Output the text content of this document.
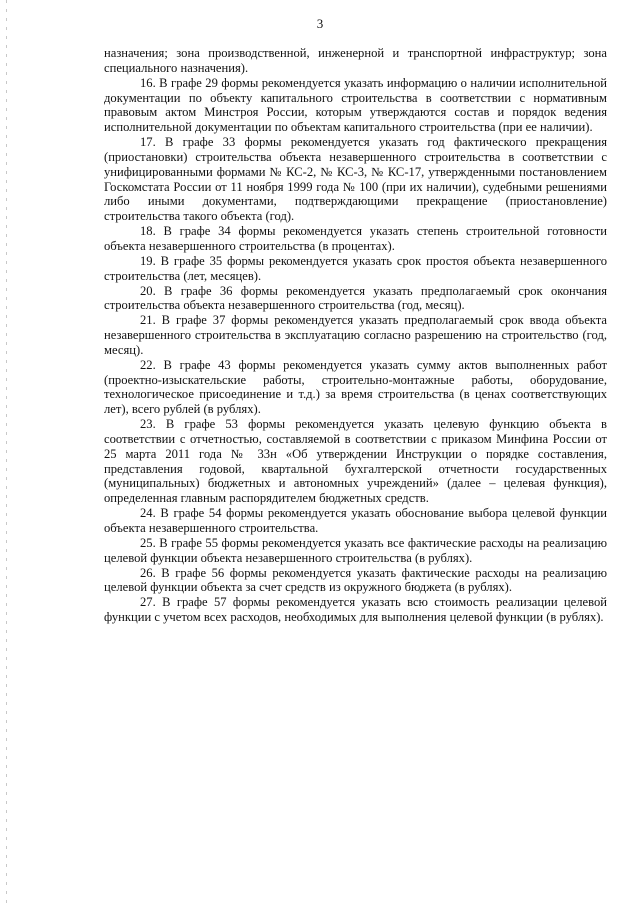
3

назначения; зона производственной, инженерной и транспортной инфраструктур; зона специального назначения).

16. В графе 29 формы рекомендуется указать информацию о наличии исполнительной документации по объекту капитального строительства в соответствии с нормативным правовым актом Минстроя России, которым утверждаются состав и порядок ведения исполнительной документации по объектам капитального строительства (при ее наличии).

17. В графе 33 формы рекомендуется указать год фактического прекращения (приостановки) строительства объекта незавершенного строительства в соответствии с унифицированными формами № КС-2, № КС-3, № КС-17, утвержденными постановлением Госкомстата России от 11 ноября 1999 года № 100 (при их наличии), судебными решениями либо иными документами, подтверждающими прекращение (приостановление) строительства такого объекта (год).

18. В графе 34 формы рекомендуется указать степень строительной готовности объекта незавершенного строительства (в процентах).

19. В графе 35 формы рекомендуется указать срок простоя объекта незавершенного строительства (лет, месяцев).

20. В графе 36 формы рекомендуется указать предполагаемый срок окончания строительства объекта незавершенного строительства (год, месяц).

21. В графе 37 формы рекомендуется указать предполагаемый срок ввода объекта незавершенного строительства в эксплуатацию согласно разрешению на строительство (год, месяц).

22. В графе 43 формы рекомендуется указать сумму актов выполненных работ (проектно-изыскательские работы, строительно-монтажные работы, оборудование, технологическое присоединение и т.д.) за время строительства (в ценах соответствующих лет), всего рублей (в рублях).

23. В графе 53 формы рекомендуется указать целевую функцию объекта в соответствии с отчетностью, составляемой в соответствии с приказом Минфина России от 25 марта 2011 года № 33н «Об утверждении Инструкции о порядке составления, представления годовой, квартальной бухгалтерской отчетности государственных (муниципальных) бюджетных и автономных учреждений» (далее – целевая функция), определенная главным распорядителем бюджетных средств.

24. В графе 54 формы рекомендуется указать обоснование выбора целевой функции объекта незавершенного строительства.

25. В графе 55 формы рекомендуется указать все фактические расходы на реализацию целевой функции объекта незавершенного строительства (в рублях).

26. В графе 56 формы рекомендуется указать фактические расходы на реализацию целевой функции объекта за счет средств из окружного бюджета (в рублях).

27. В графе 57 формы рекомендуется указать всю стоимость реализации целевой функции с учетом всех расходов, необходимых для выполнения целевой функции (в рублях).
